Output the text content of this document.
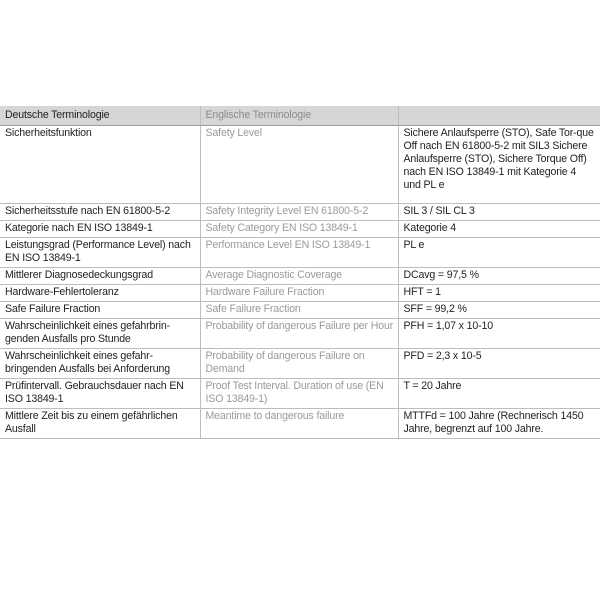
Deutsche Terminologie	Englische Terminologie	
Sicherheitsfunktion	Safety Level	Sichere Anlaufsperre (STO), Safe Tor-que Off nach EN 61800-5-2 mit SIL3 Sichere Anlaufsperre (STO), Sichere Torque Off) nach EN ISO 13849-1 mit Kategorie 4 und PL e
Sicherheitsstufe nach EN 61800-5-2	Safety Integrity Level EN 61800-5-2	SIL 3 / SIL CL 3
Kategorie nach EN ISO 13849-1	Safety Category EN ISO 13849-1	Kategorie 4
Leistungsgrad (Performance Level) nach EN ISO 13849-1	Performance Level EN ISO 13849-1	PL e
Mittlerer Diagnosedeckungsgrad	Average Diagnostic Coverage	DCavg = 97,5 %
Hardware-Fehlertoleranz	Hardware Failure Fraction	HFT = 1
Safe Failure Fraction	Safe Failure Fraction	SFF = 99,2 %
Wahrscheinlichkeit eines gefahrbrin-genden Ausfalls pro Stunde	Probability of dangerous Failure per Hour	PFH = 1,07 x 10-10
Wahrscheinlichkeit eines gefahr-bringenden Ausfalls bei Anforderung	Probability of dangerous Failure on Demand	PFD = 2,3 x 10-5
Prüfintervall. Gebrauchsdauer nach EN ISO 13849-1	Proof Test Interval. Duration of use (EN ISO 13849-1)	T = 20 Jahre
Mittlere Zeit bis zu einem gefährlichen Ausfall	Meantime to dangerous failure	MTTFd = 100 Jahre (Rechnerisch 1450 Jahre, begrenzt auf 100 Jahre.
